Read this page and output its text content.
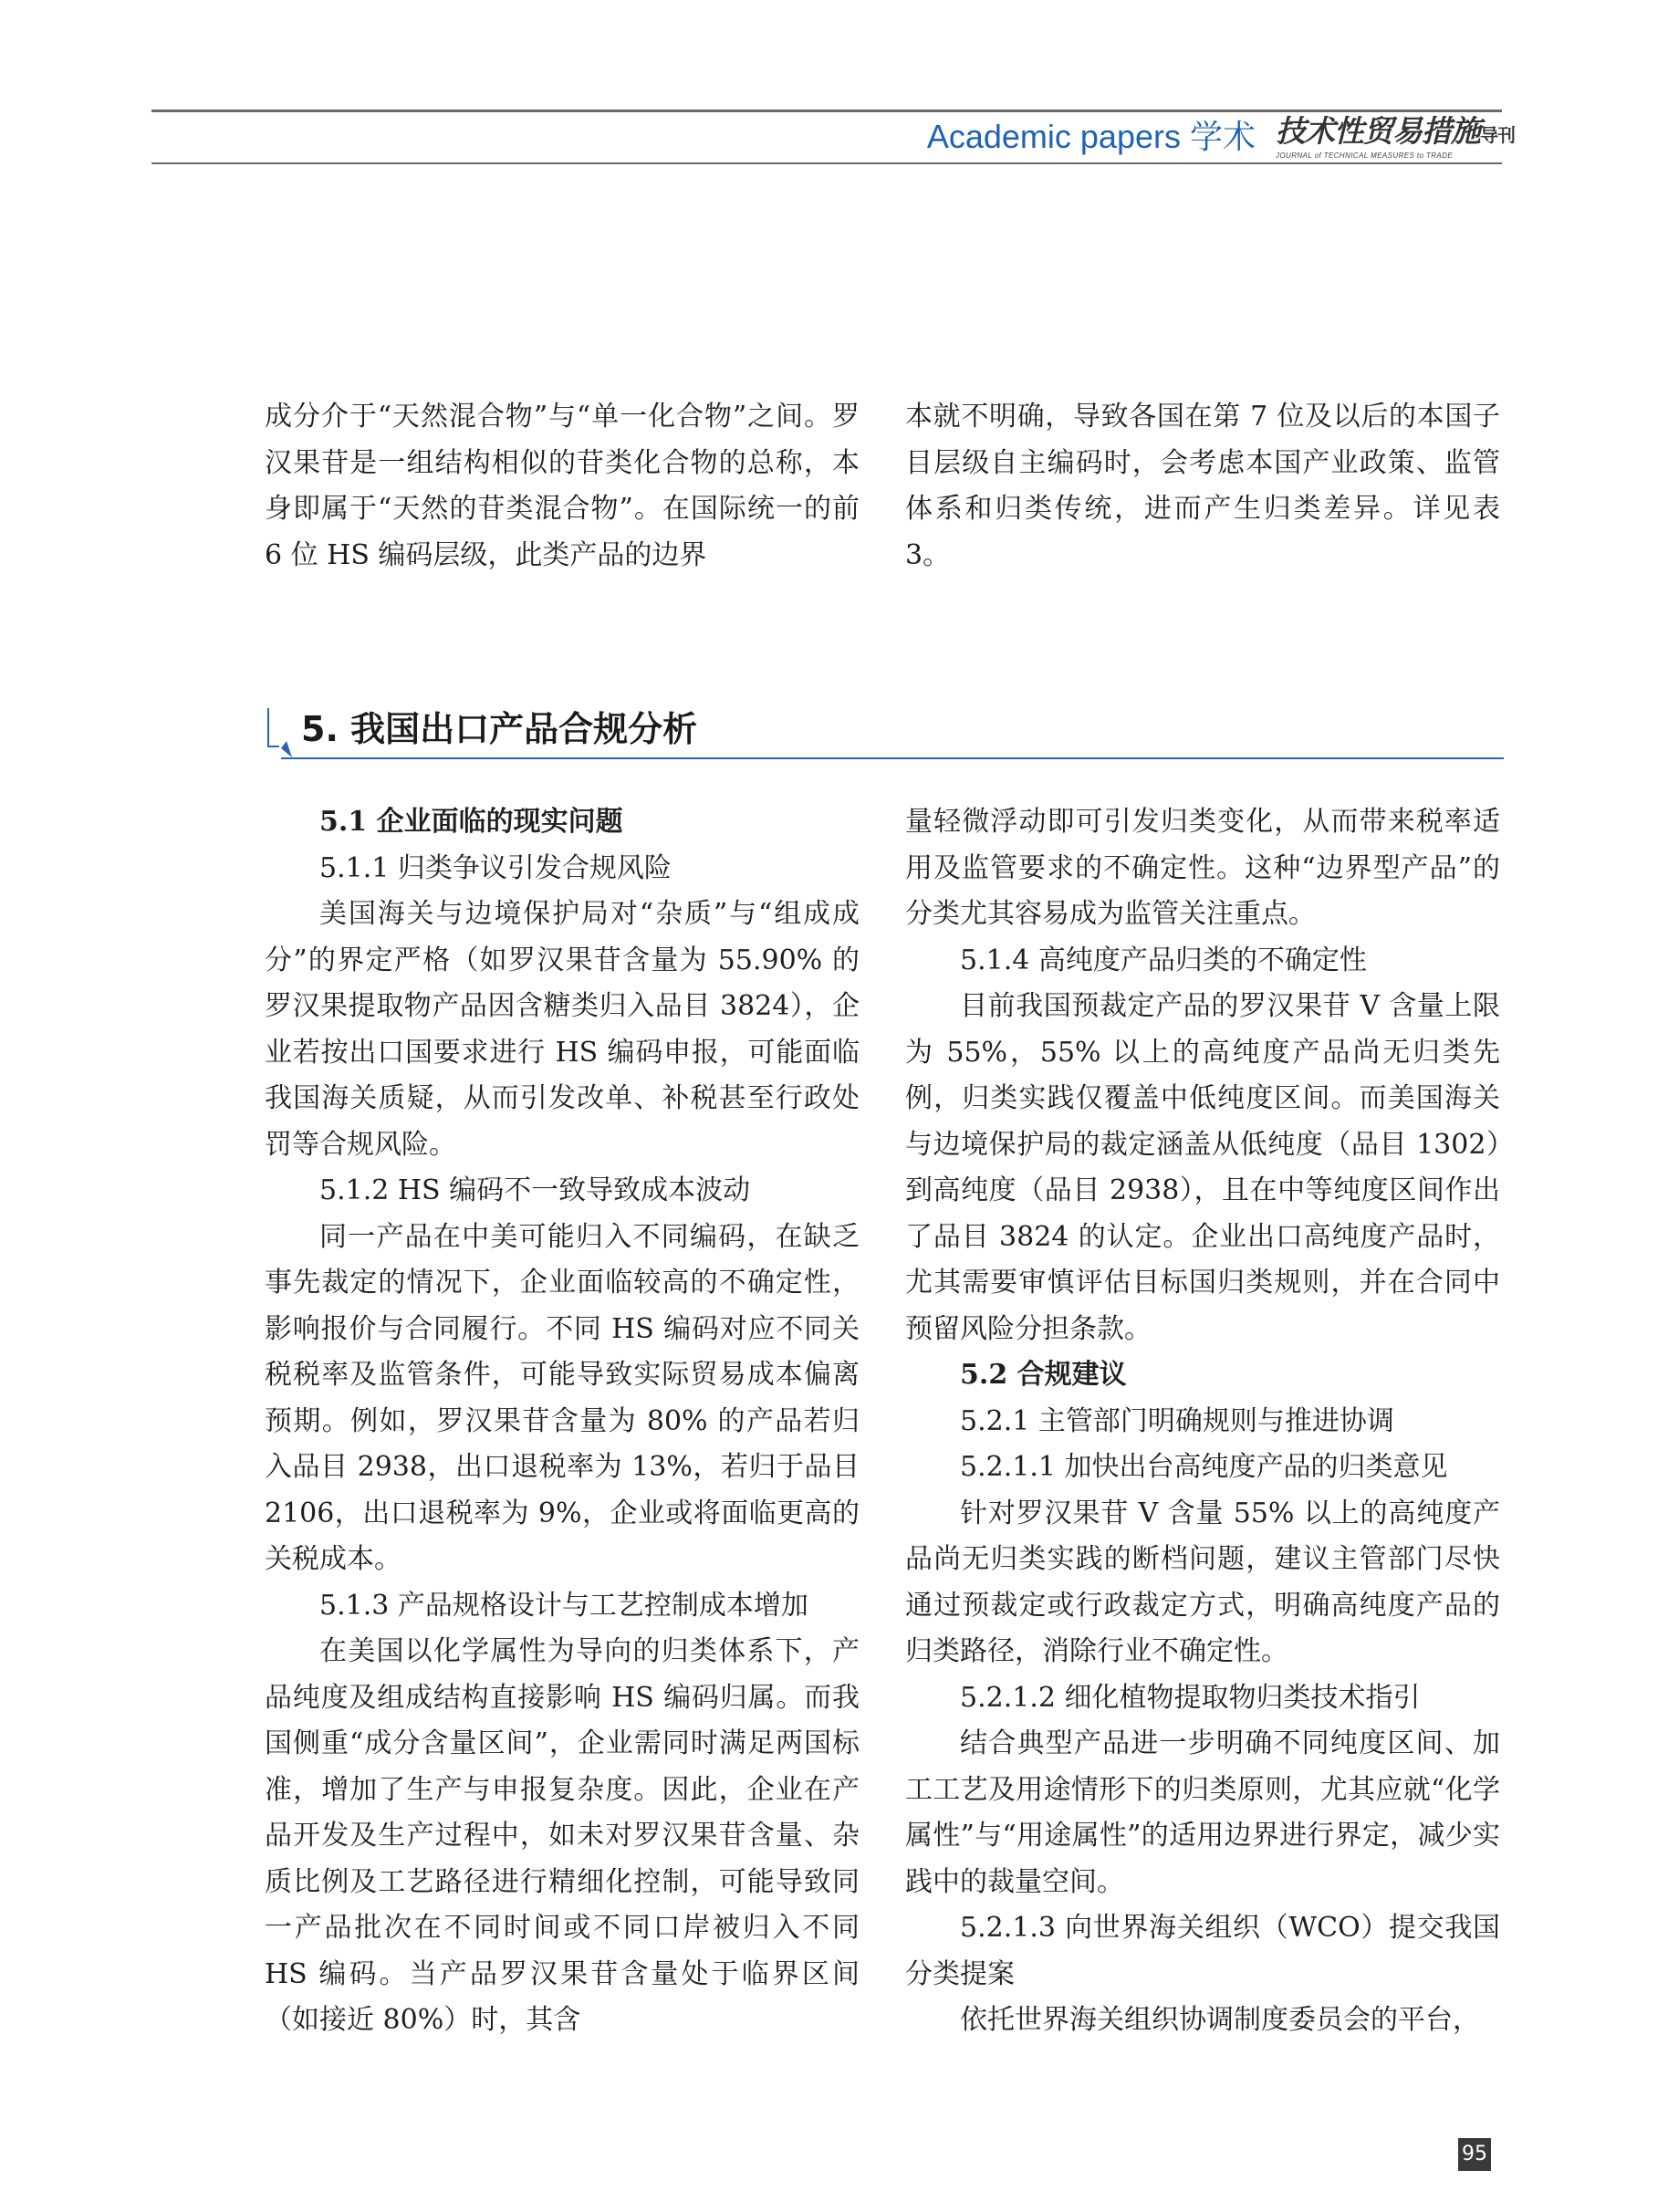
Academic papers 学术 技术性贸易措施导刊
JOURNAL of TECHNICAL MEASURES to TRADE

成分介于“天然混合物”与“单一化合物”之间。罗汉果苷是一组结构相似的苷类化合物的总称，本身即属于“天然的苷类混合物”。在国际统一的前 6 位 HS 编码层级，此类产品的边界

本就不明确，导致各国在第 7 位及以后的本国子目层级自主编码时，会考虑本国产业政策、监管体系和归类传统，进而产生归类差异。详见表 3。

5. 我国出口产品合规分析

5.1 企业面临的现实问题

5.1.1 归类争议引发合规风险

美国海关与边境保护局对“杂质”与“组成成分”的界定严格（如罗汉果苷含量为 55.90% 的罗汉果提取物产品因含糖类归入品目 3824），企业若按出口国要求进行 HS 编码申报，可能面临我国海关质疑，从而引发改单、补税甚至行政处罚等合规风险。

5.1.2 HS 编码不一致导致成本波动

同一产品在中美可能归入不同编码，在缺乏事先裁定的情况下，企业面临较高的不确定性，影响报价与合同履行。不同 HS 编码对应不同关税税率及监管条件，可能导致实际贸易成本偏离预期。例如，罗汉果苷含量为 80% 的产品若归入品目 2938，出口退税率为 13%，若归于品目 2106，出口退税率为 9%，企业或将面临更高的关税成本。

5.1.3 产品规格设计与工艺控制成本增加

在美国以化学属性为导向的归类体系下，产品纯度及组成结构直接影响 HS 编码归属。而我国侧重“成分含量区间”，企业需同时满足两国标准，增加了生产与申报复杂度。因此，企业在产品开发及生产过程中，如未对罗汉果苷含量、杂质比例及工艺路径进行精细化控制，可能导致同一产品批次在不同时间或不同口岸被归入不同 HS 编码。当产品罗汉果苷含量处于临界区间（如接近 80%）时，其含

量轻微浮动即可引发归类变化，从而带来税率适用及监管要求的不确定性。这种“边界型产品”的分类尤其容易成为监管关注重点。

5.1.4 高纯度产品归类的不确定性

目前我国预裁定产品的罗汉果苷 V 含量上限为 55%，55% 以上的高纯度产品尚无归类先例，归类实践仅覆盖中低纯度区间。而美国海关与边境保护局的裁定涵盖从低纯度（品目 1302）到高纯度（品目 2938），且在中等纯度区间作出了品目 3824 的认定。企业出口高纯度产品时，尤其需要审慎评估目标国归类规则，并在合同中预留风险分担条款。

5.2 合规建议

5.2.1 主管部门明确规则与推进协调

5.2.1.1 加快出台高纯度产品的归类意见

针对罗汉果苷 V 含量 55% 以上的高纯度产品尚无归类实践的断档问题，建议主管部门尽快通过预裁定或行政裁定方式，明确高纯度产品的归类路径，消除行业不确定性。

5.2.1.2 细化植物提取物归类技术指引

结合典型产品进一步明确不同纯度区间、加工工艺及用途情形下的归类原则，尤其应就“化学属性”与“用途属性”的适用边界进行界定，减少实践中的裁量空间。

5.2.1.3 向世界海关组织（WCO）提交我国分类提案

依托世界海关组织协调制度委员会的平台，

95
